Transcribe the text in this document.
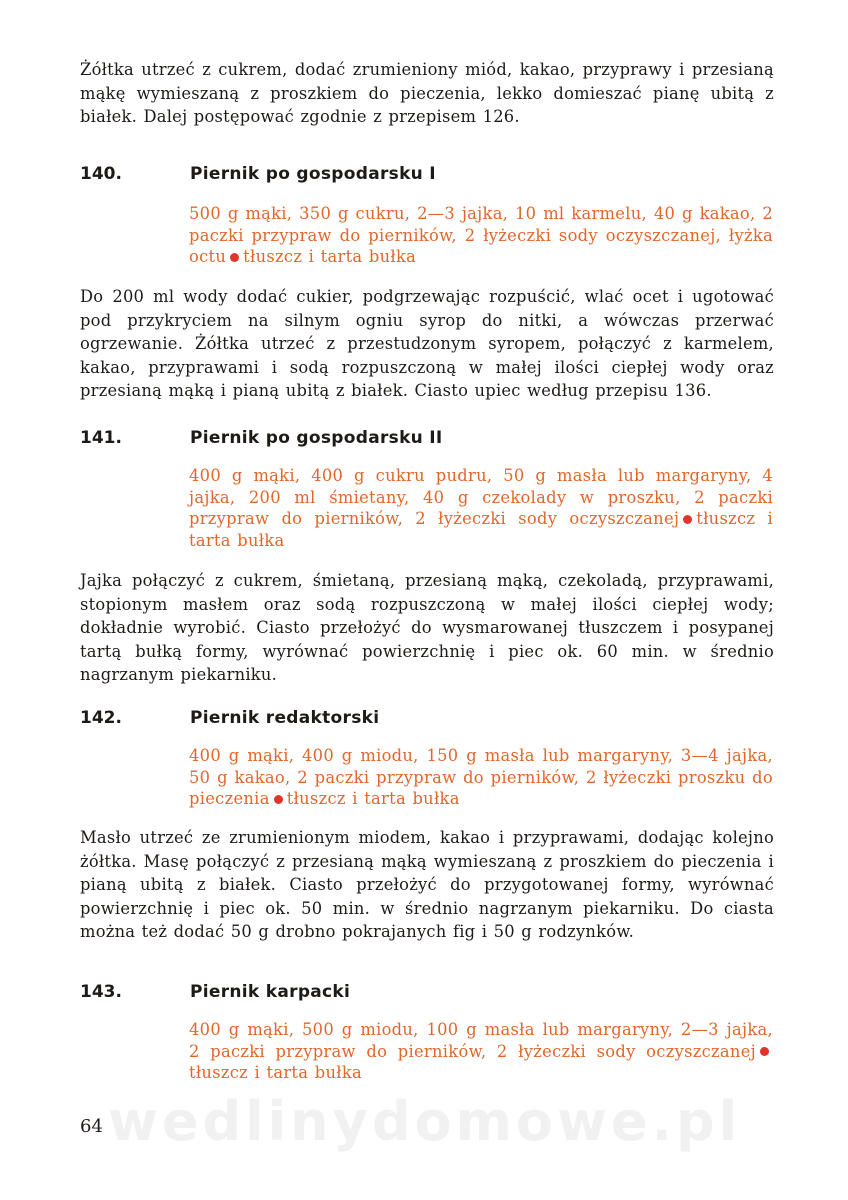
Żółtka utrzeć z cukrem, dodać zrumieniony miód, kakao, przyprawy i przesianą mąkę wymieszaną z proszkiem do pieczenia, lekko domieszać pianę ubitą z białek. Dalej postępować zgodnie z przepisem 126.

140.	Piernik po gospodarsku I

500 g mąki, 350 g cukru, 2—3 jajka, 10 ml karmelu, 40 g kakao, 2 paczki przypraw do pierników, 2 łyżeczki sody oczyszczanej, łyżka octu tłuszcz i tarta bułka

Do 200 ml wody dodać cukier, podgrzewając rozpuścić, wlać ocet i ugotować pod przykryciem na silnym ogniu syrop do nitki, a wówczas przerwać ogrzewanie. Żółtka utrzeć z przestudzonym syropem, połączyć z karmelem, kakao, przyprawami i sodą rozpuszczoną w małej ilości ciepłej wody oraz przesianą mąką i pianą ubitą z białek. Ciasto upiec według przepisu 136.

141.	Piernik po gospodarsku II

400 g mąki, 400 g cukru pudru, 50 g masła lub margaryny, 4 jajka, 200 ml śmietany, 40 g czekolady w proszku, 2 paczki przypraw do pierników, 2 łyżeczki sody oczyszczanej tłuszcz i tarta bułka

Jajka połączyć z cukrem, śmietaną, przesianą mąką, czekoladą, przyprawami, stopionym masłem oraz sodą rozpuszczoną w małej ilości ciepłej wody; dokładnie wyrobić. Ciasto przełożyć do wysmarowanej tłuszczem i posypanej tartą bułką formy, wyrównać powierzchnię i piec ok. 60 min. w średnio nagrzanym piekarniku.

142.	Piernik redaktorski

400 g mąki, 400 g miodu, 150 g masła lub margaryny, 3—4 jajka, 50 g kakao, 2 paczki przypraw do pierników, 2 łyżeczki proszku do pieczenia tłuszcz i tarta bułka

Masło utrzeć ze zrumienionym miodem, kakao i przyprawami, dodając kolejno żółtka. Masę połączyć z przesianą mąką wymieszaną z proszkiem do pieczenia i pianą ubitą z białek. Ciasto przełożyć do przygotowanej formy, wyrównać powierzchnię i piec ok. 50 min. w średnio nagrzanym piekarniku. Do ciasta można też dodać 50 g drobno pokrajanych fig i 50 g rodzynków.

143.	Piernik karpacki

400 g mąki, 500 g miodu, 100 g masła lub margaryny, 2—3 jajka, 2 paczki przypraw do pierników, 2 łyżeczki sody oczyszczanejtłuszcz i tarta bułka

wedlinydomowe.pl
64
